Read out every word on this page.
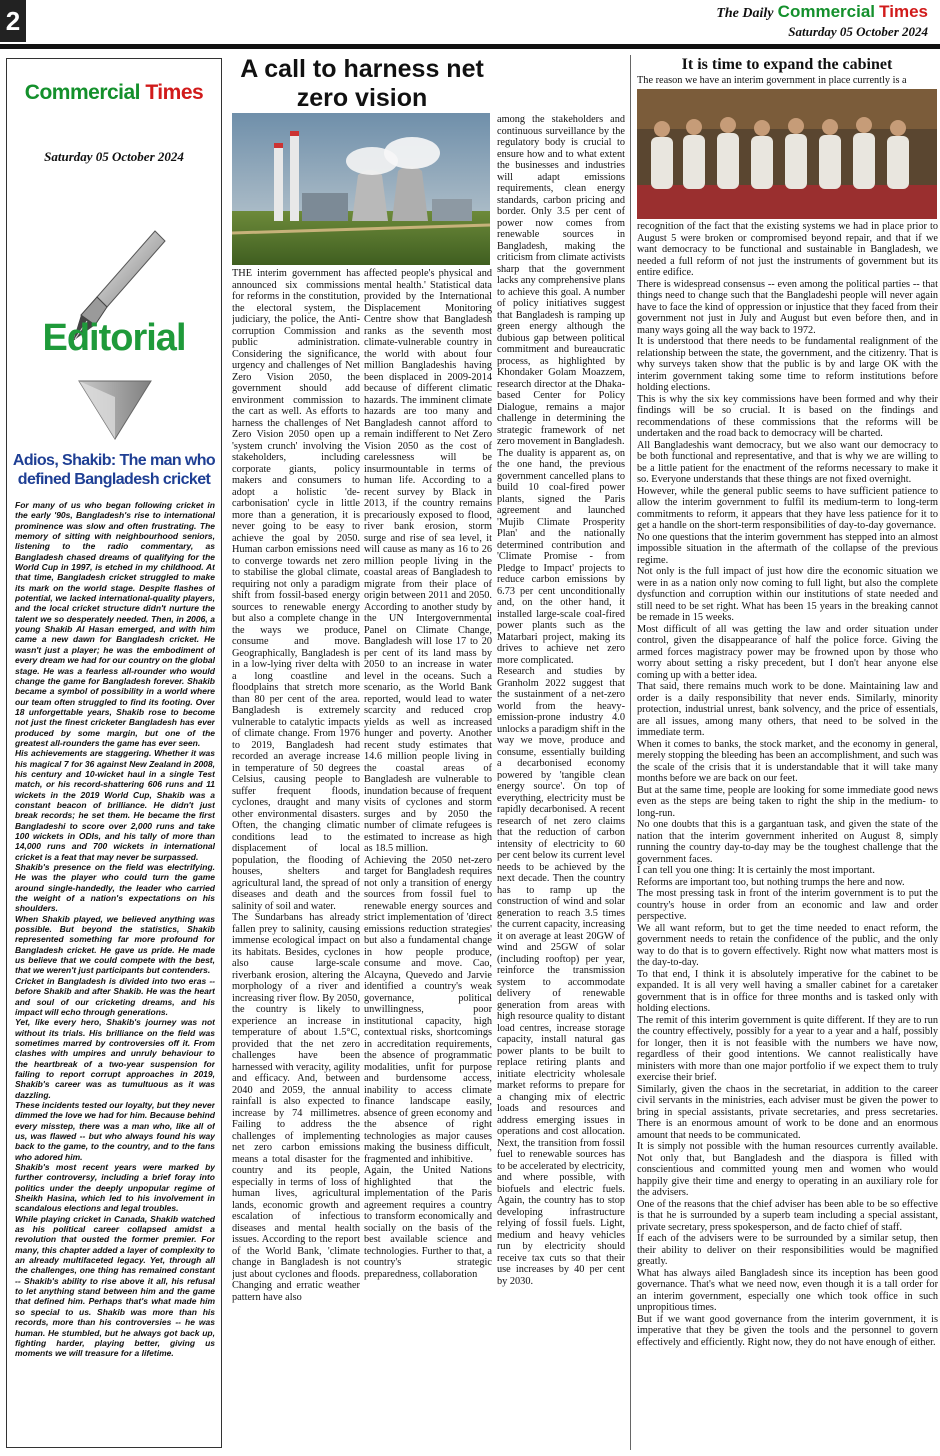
2	The Daily Commercial Times
Saturday 05 October 2024
Commercial Times
Saturday 05 October 2024
Editorial
Adios, Shakib: The man who defined Bangladesh cricket

For many of us who began following cricket in the early '90s, Bangladesh's rise to international prominence was slow and often frustrating. The memory of sitting with neighbourhood seniors, listening to the radio commentary, as Bangladesh chased dreams of qualifying for the World Cup in 1997, is etched in my childhood. At that time, Bangladesh cricket struggled to make its mark on the world stage. Despite flashes of potential, we lacked international-quality players, and the local cricket structure didn't nurture the talent we so desperately needed. Then, in 2006, a young Shakib Al Hasan emerged, and with him came a new dawn for Bangladesh cricket. He wasn't just a player; he was the embodiment of every dream we had for our country on the global stage. He was a fearless all-rounder who would change the game for Bangladesh forever. Shakib became a symbol of possibility in a world where our team often struggled to find its footing. Over 18 unforgettable years, Shakib rose to become not just the finest cricketer Bangladesh has ever produced by some margin, but one of the greatest all-rounders the game has ever seen.

His achievements are staggering. Whether it was his magical 7 for 36 against New Zealand in 2008, his century and 10-wicket haul in a single Test match, or his record-shattering 606 runs and 11 wickets in the 2019 World Cup, Shakib was a constant beacon of brilliance. He didn't just break records; he set them. He became the first Bangladeshi to score over 2,000 runs and take 100 wickets in ODIs, and his tally of more than 14,000 runs and 700 wickets in international cricket is a feat that may never be surpassed.

Shakib's presence on the field was electrifying. He was the player who could turn the game around single-handedly, the leader who carried the weight of a nation's expectations on his shoulders.

When Shakib played, we believed anything was possible. But beyond the statistics, Shakib represented something far more profound for Bangladesh cricket. He gave us pride. He made us believe that we could compete with the best, that we weren't just participants but contenders.

Cricket in Bangladesh is divided into two eras -- before Shakib and after Shakib. He was the heart and soul of our cricketing dreams, and his impact will echo through generations.

Yet, like every hero, Shakib's journey was not without its trials. His brilliance on the field was sometimes marred by controversies off it. From clashes with umpires and unruly behaviour to the heartbreak of a two-year suspension for failing to report corrupt approaches in 2019, Shakib's career was as tumultuous as it was dazzling.

These incidents tested our loyalty, but they never dimmed the love we had for him. Because behind every misstep, there was a man who, like all of us, was flawed -- but who always found his way back to the game, to the country, and to the fans who adored him.

Shakib's most recent years were marked by further controversy, including a brief foray into politics under the deeply unpopular regime of Sheikh Hasina, which led to his involvement in scandalous elections and legal troubles.

While playing cricket in Canada, Shakib watched as his political career collapsed amidst a revolution that ousted the former premier. For many, this chapter added a layer of complexity to an already multifaceted legacy. Yet, through all the challenges, one thing has remained constant -- Shakib's ability to rise above it all, his refusal to let anything stand between him and the game that defined him. Perhaps that's what made him so special to us. Shakib was more than his records, more than his controversies -- he was human. He stumbled, but he always got back up, fighting harder, playing better, giving us moments we will treasure for a lifetime.

A call to harness net zero vision

THE interim government has announced six commissions for reforms in the constitution, the electoral system, the judiciary, the police, the Anti-corruption Commission and public administration. Considering the significance, urgency and challenges of Net Zero Vision 2050, the government should add environment commission to the cart as well. As efforts to harness the challenges of Net Zero Vision 2050 open up a 'system crunch' involving the stakeholders, including corporate giants, policy makers and consumers to adopt a holistic 'de-carbonisation' cycle in little more than a generation, it is never going to be easy to achieve the goal by 2050. Human carbon emissions need to converge towards net zero to stabilise the global climate, requiring not only a paradigm shift from fossil-based energy sources to renewable energy but also a complete change in the ways we produce, consume and move. Geographically, Bangladesh is in a low-lying river delta with a long coastline and floodplains that stretch more than 80 per cent of the area. Bangladesh is extremely vulnerable to catalytic impacts of climate change. From 1976 to 2019, Bangladesh had recorded an average increase in temperature of 50 degrees Celsius, causing people to suffer frequent floods, cyclones, draught and many other environmental disasters. Often, the changing climatic conditions lead to the displacement of local population, the flooding of houses, shelters and agricultural land, the spread of diseases and death and the salinity of soil and water.

The Sundarbans has already fallen prey to salinity, causing immense ecological impact on its habitats. Besides, cyclones also cause large-scale riverbank erosion, altering the morphology of a river and increasing river flow. By 2050, the country is likely to experience an increase in temperature of about 1.5°C, provided that the net zero challenges have been harnessed with veracity, agility and efficacy. And, between 2040 and 2059, the annual rainfall is also expected to increase by 74 millimetres. Failing to address the challenges of implementing net zero carbon emissions means a total disaster for the country and its people, especially in terms of loss of human lives, agricultural lands, economic growth and escalation of infectious diseases and mental health issues. According to the report of the World Bank, 'climate change in Bangladesh is not just about cyclones and floods. Changing and erratic weather pattern have also

affected people's physical and mental health.' Statistical data provided by the International Displacement Monitoring Centre show that Bangladesh ranks as the seventh most climate-vulnerable country in the world with about four million Bangladeshis having been displaced in 2009-2014 because of different climatic hazards. The imminent climate hazards are too many and Bangladesh cannot afford to remain indifferent to Net Zero Vision 2050 as the cost of carelessness will be insurmountable in terms of human life. According to a recent survey by Black in 2013, if the country remains precariously exposed to flood, river bank erosion, storm surge and rise of sea level, it will cause as many as 16 to 26 million people living in the coastal areas of Bangladesh to migrate from their place of origin between 2011 and 2050. According to another study by the UN Intergovernmental Panel on Climate Change, Bangladesh will lose 17 to 20 per cent of its land mass by 2050 to an increase in water level in the oceans. Such a scenario, as the World Bank reported, would lead to water scarcity and reduced crop yields as well as increased hunger and poverty. Another recent study estimates that 14.6 million people living in the coastal areas of Bangladesh are vulnerable to inundation because of frequent visits of cyclones and storm surges and by 2050 the number of climate refugees is estimated to increase as high as 18.5 million.

Achieving the 2050 net-zero target for Bangladesh requires not only a transition of energy sources from fossil fuel to renewable energy sources and strict implementation of 'direct emissions reduction strategies' but also a fundamental change in how people produce, consume and move. Cao, Alcayna, Quevedo and Jarvie identified a country's weak governance, political unwillingness, poor institutional capacity, high contextual risks, shortcomings in accreditation requirements, the absence of programmatic modalities, unfit for purpose and burdensome access, inability to access climate finance landscape easily, absence of green economy and the absence of right technologies as major causes making the business difficult, fragmented and inhibitive.

Again, the United Nations highlighted that the implementation of the Paris agreement requires a country to transform economically and socially on the basis of the best available science and technologies. Further to that, a country's strategic preparedness, collaboration

among the stakeholders and continuous surveillance by the regulatory body is crucial to ensure how and to what extent the businesses and industries will adapt emissions requirements, clean energy standards, carbon pricing and border. Only 3.5 per cent of power now comes from renewable sources in Bangladesh, making the criticism from climate activists sharp that the government lacks any comprehensive plans to achieve this goal. A number of policy initiatives suggest that Bangladesh is ramping up green energy although the dubious gap between political commitment and bureaucratic process, as highlighted by Khondaker Golam Moazzem, research director at the Dhaka-based Center for Policy Dialogue, remains a major challenge in determining the strategic framework of net zero movement in Bangladesh.

The duality is apparent as, on the one hand, the previous government cancelled plans to build 10 coal-fired power plants, signed the Paris agreement and launched 'Mujib Climate Prosperity Plan' and the nationally determined contribution and 'Climate Promise - from Pledge to Impact' projects to reduce carbon emissions by 6.73 per cent unconditionally and, on the other hand, it installed large-scale coal-fired power plants such as the Matarbari project, making its drives to achieve net zero more complicated.

Research and studies by Granholm 2022 suggest that the sustainment of a net-zero world from the heavy-emission-prone industry 4.0 unlocks a paradigm shift in the way we move, produce and consume, essentially building a decarbonised economy powered by 'tangible clean energy source'. On top of everything, electricity must be rapidly decarbonised. A recent research of net zero claims that the reduction of carbon intensity of electricity to 60 per cent below its current level needs to be achieved by the next decade. Then the country has to ramp up the construction of wind and solar generation to reach 3.5 times the current capacity, increasing it on average at least 20GW of wind and 25GW of solar (including rooftop) per year, reinforce the transmission system to accommodate delivery of renewable generation from areas with high resource quality to distant load centres, increase storage capacity, install natural gas power plants to be built to replace retiring plants and initiate electricity wholesale market reforms to prepare for a changing mix of electric loads and resources and address emerging issues in operations and cost allocation. Next, the transition from fossil fuel to renewable sources has to be accelerated by electricity, and where possible, with biofuels and electric fuels. Again, the country has to stop developing infrastructure relying of fossil fuels. Light, medium and heavy vehicles run by electricity should receive tax cuts so that their use increases by 40 per cent by 2030.

It is time to expand the cabinet
The reason we have an interim government in place currently is a

recognition of the fact that the existing systems we had in place prior to August 5 were broken or compromised beyond repair, and that if we want democracy to be functional and sustainable in Bangladesh, we needed a full reform of not just the instruments of government but its entire edifice.

There is widespread consensus -- even among the political parties -- that things need to change such that the Bangladeshi people will never again have to face the kind of oppression or injustice that they faced from their government not just in July and August but even before then, and in many ways going all the way back to 1972.

It is understood that there needs to be fundamental realignment of the relationship between the state, the government, and the citizenry. That is why surveys taken show that the public is by and large OK with the interim government taking some time to reform institutions before holding elections.

This is why the six key commissions have been formed and why their findings will be so crucial. It is based on the findings and recommendations of these commissions that the reforms will be undertaken and the road back to democracy will be charted.

All Bangladeshis want democracy, but we also want our democracy to be both functional and representative, and that is why we are willing to be a little patient for the enactment of the reforms necessary to make it so. Everyone understands that these things are not fixed overnight.

However, while the general public seems to have sufficient patience to allow the interim government to fulfil its medium-term to long-term commitments to reform, it appears that they have less patience for it to get a handle on the short-term responsibilities of day-to-day governance.

No one questions that the interim government has stepped into an almost impossible situation in the aftermath of the collapse of the previous regime.

Not only is the full impact of just how dire the economic situation we were in as a nation only now coming to full light, but also the complete dysfunction and corruption within our institutions of state needed and still need to be set right. What has been 15 years in the breaking cannot be remade in 15 weeks.

Most difficult of all was getting the law and order situation under control, given the disappearance of half the police force. Giving the armed forces magistracy power may be frowned upon by those who worry about setting a risky precedent, but I don't hear anyone else coming up with a better idea.

That said, there remains much work to be done. Maintaining law and order is a daily responsibility that never ends. Similarly, minority protection, industrial unrest, bank solvency, and the price of essentials, are all issues, among many others, that need to be solved in the immediate term.

When it comes to banks, the stock market, and the economy in general, merely stopping the bleeding has been an accomplishment, and such was the scale of the crisis that it is understandable that it will take many months before we are back on our feet.

But at the same time, people are looking for some immediate good news even as the steps are being taken to right the ship in the medium- to long-run.

No one doubts that this is a gargantuan task, and given the state of the nation that the interim government inherited on August 8, simply running the country day-to-day may be the toughest challenge that the government faces.

I can tell you one thing: It is certainly the most important.

Reforms are important too, but nothing trumps the here and now.

The most pressing task in front of the interim government is to put the country's house in order from an economic and law and order perspective.

We all want reform, but to get the time needed to enact reform, the government needs to retain the confidence of the public, and the only way to do that is to govern effectively. Right now what matters most is the day-to-day.

To that end, I think it is absolutely imperative for the cabinet to be expanded. It is all very well having a smaller cabinet for a caretaker government that is in office for three months and is tasked only with holding elections.

The remit of this interim government is quite different. If they are to run the country effectively, possibly for a year to a year and a half, possibly for longer, then it is not feasible with the numbers we have now, regardless of their good intentions. We cannot realistically have ministers with more than one major portfolio if we expect them to truly exercise their brief.

Similarly, given the chaos in the secretariat, in addition to the career civil servants in the ministries, each adviser must be given the power to bring in special assistants, private secretaries, and press secretaries. There is an enormous amount of work to be done and an enormous amount that needs to be communicated.

It is simply not possible with the human resources currently available. Not only that, but Bangladesh and the diaspora is filled with conscientious and committed young men and women who would happily give their time and energy to operating in an auxiliary role for the advisers.

One of the reasons that the chief adviser has been able to be so effective is that he is surrounded by a superb team including a special assistant, private secretary, press spokesperson, and de facto chief of staff.

If each of the advisers were to be surrounded by a similar setup, then their ability to deliver on their responsibilities would be magnified greatly.

What has always ailed Bangladesh since its inception has been good governance. That's what we need now, even though it is a tall order for an interim government, especially one which took office in such unpropitious times.

But if we want good governance from the interim government, it is imperative that they be given the tools and the personnel to govern effectively and efficiently. Right now, they do not have enough of either.
